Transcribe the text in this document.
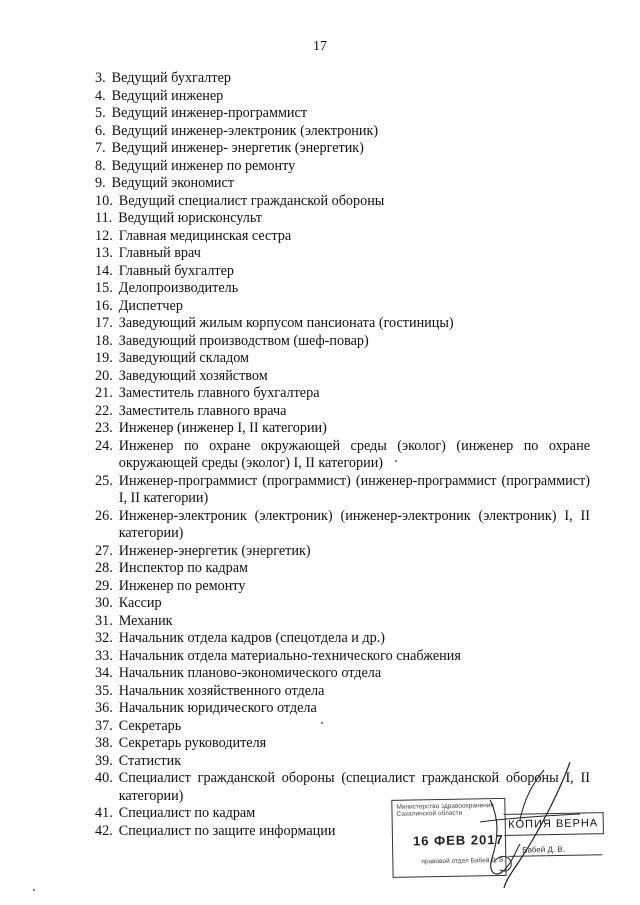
17
3. Ведущий бухгалтер
4. Ведущий инженер
5. Ведущий инженер-программист
6. Ведущий инженер-электроник (электроник)
7. Ведущий инженер- энергетик (энергетик)
8. Ведущий инженер по ремонту
9. Ведущий экономист
10. Ведущий специалист гражданской обороны
11. Ведущий юрисконсульт
12. Главная медицинская сестра
13. Главный врач
14. Главный бухгалтер
15. Делопроизводитель
16. Диспетчер
17. Заведующий жилым корпусом пансионата (гостиницы)
18. Заведующий производством (шеф-повар)
19. Заведующий складом
20. Заведующий хозяйством
21. Заместитель главного бухгалтера
22. Заместитель главного врача
23. Инженер (инженер I, II категории)
24. Инженер по охране окружающей среды (эколог) (инженер по охране окружающей среды (эколог) I, II категории)
25. Инженер-программист (программист) (инженер-программист (программист) I, II категории)
26. Инженер-электроник (электроник) (инженер-электроник (электроник) I, II категории)
27. Инженер-энергетик (энергетик)
28. Инспектор по кадрам
29. Инженер по ремонту
30. Кассир
31. Механик
32. Начальник отдела кадров (спецотдела и др.)
33. Начальник отдела материально-технического снабжения
34. Начальник планово-экономического отдела
35. Начальник хозяйственного отдела
36. Начальник юридического отдела
37. Секретарь
38. Секретарь руководителя
39. Статистик
40. Специалист гражданской обороны (специалист гражданской обороны I, II категории)
41. Специалист по кадрам
42. Специалист по защите информации
Министерство здравоохранения Сахалинской области
16 ФЕВ 2017
правовой отдел Бабей Д. В.
КОПИЯ ВЕРНА
Бабей Д. В.
